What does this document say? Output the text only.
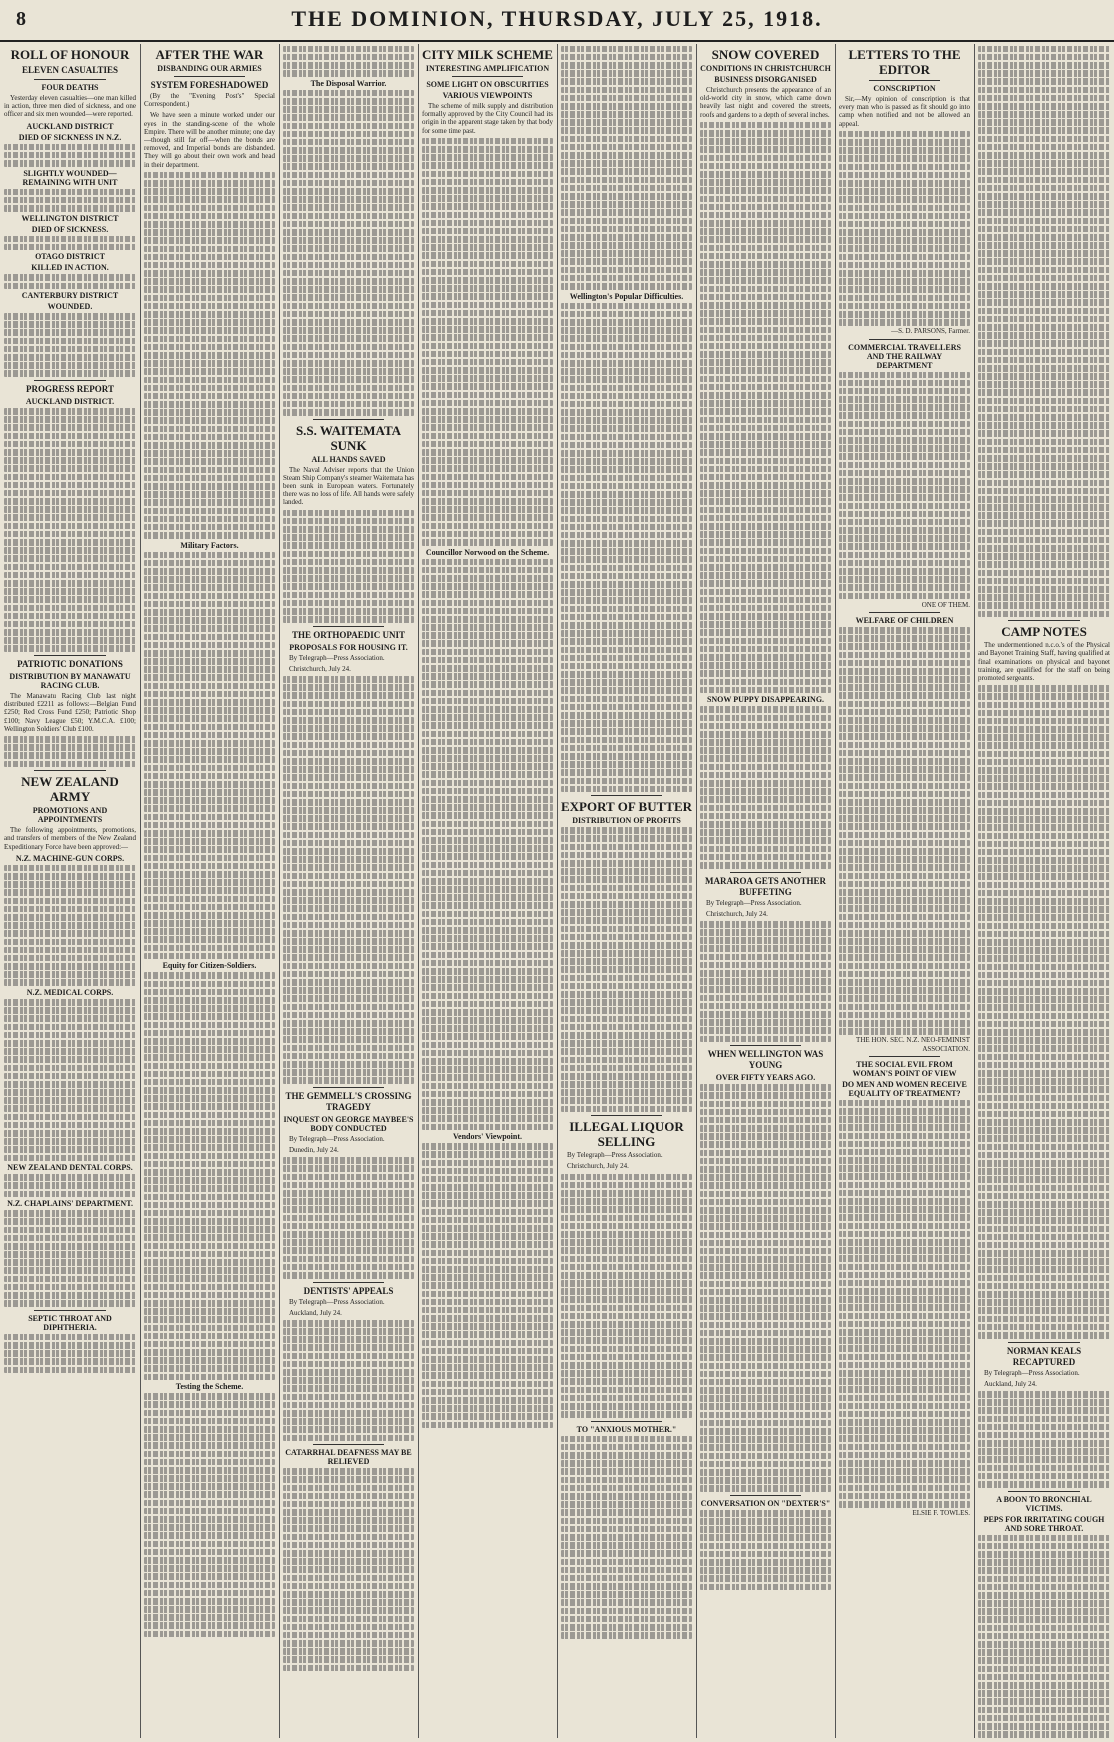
8	THE DOMINION, THURSDAY, JULY 25, 1918.
ROLL OF HONOUR
ELEVEN CASUALTIES
FOUR DEATHS

Yesterday eleven casualties—one man killed in action, three men died of sickness, and one officer and six men wounded—were reported.

AUCKLAND DISTRICT
DIED OF SICKNESS IN N.Z.
SLIGHTLY WOUNDED—REMAINING WITH UNIT
WELLINGTON DISTRICT
DIED OF SICKNESS.
OTAGO DISTRICT
KILLED IN ACTION.
CANTERBURY DISTRICT
WOUNDED.
PROGRESS REPORT
AUCKLAND DISTRICT.
PATRIOTIC DONATIONS
DISTRIBUTION BY MANAWATU RACING CLUB.

The Manawatu Racing Club last night distributed £2211 as follows:—Belgian Fund £250; Red Cross Fund £250; Patriotic Shop £100; Navy League £50; Y.M.C.A. £100; Wellington Soldiers' Club £100.

NEW ZEALAND ARMY
PROMOTIONS AND APPOINTMENTS

The following appointments, promotions, and transfers of members of the New Zealand Expeditionary Force have been approved:—

N.Z. MACHINE-GUN CORPS.
N.Z. MEDICAL CORPS.
NEW ZEALAND DENTAL CORPS.
N.Z. CHAPLAINS' DEPARTMENT.
SEPTIC THROAT AND DIPHTHERIA.
AFTER THE WAR
DISBANDING OUR ARMIES
SYSTEM FORESHADOWED

(By the "Evening Post's" Special Correspondent.)

We have seen a minute worked under our eyes in the standing-scene of the whole Empire. There will be another minute; one day—though still far off—when the bonds are removed, and Imperial bonds are disbanded. They will go about their own work and head in their department.

Military Factors.
Equity for Citizen-Soldiers.
Testing the Scheme.
The Disposal Warrior.
S.S. WAITEMATA SUNK
ALL HANDS SAVED

The Naval Adviser reports that the Union Steam Ship Company's steamer Waitemata has been sunk in European waters. Fortunately there was no loss of life. All hands were safely landed.

THE ORTHOPAEDIC UNIT
PROPOSALS FOR HOUSING IT.

By Telegraph—Press Association.

Christchurch, July 24.

THE GEMMELL'S CROSSING TRAGEDY
INQUEST ON GEORGE MAYBEE'S BODY CONDUCTED

By Telegraph—Press Association.

Dunedin, July 24.

DENTISTS' APPEALS

By Telegraph—Press Association.

Auckland, July 24.

CATARRHAL DEAFNESS MAY BE RELIEVED
CITY MILK SCHEME
INTERESTING AMPLIFICATION
SOME LIGHT ON OBSCURITIES
VARIOUS VIEWPOINTS

The scheme of milk supply and distribution formally approved by the City Council had its origin in the apparent stage taken by that body for some time past.

Councillor Norwood on the Scheme.
Vendors' Viewpoint.
Wellington's Popular Difficulties.
EXPORT OF BUTTER
DISTRIBUTION OF PROFITS
ILLEGAL LIQUOR SELLING

By Telegraph—Press Association.

Christchurch, July 24.

TO "ANXIOUS MOTHER."
SNOW COVERED
CONDITIONS IN CHRISTCHURCH
BUSINESS DISORGANISED

Christchurch presents the appearance of an old-world city in snow, which came down heavily last night and covered the streets, roofs and gardens to a depth of several inches.

SNOW PUPPY DISAPPEARING.
MARAROA GETS ANOTHER BUFFETING

By Telegraph—Press Association.

Christchurch, July 24.

WHEN WELLINGTON WAS YOUNG
OVER FIFTY YEARS AGO.
CONVERSATION ON "DEXTER'S"
LETTERS TO THE EDITOR
CONSCRIPTION

Sir,—My opinion of conscription is that every man who is passed as fit should go into camp when notified and not be allowed an appeal.

—S. D. PARSONS, Farmer.

COMMERCIAL TRAVELLERS AND THE RAILWAY DEPARTMENT

ONE OF THEM.

WELFARE OF CHILDREN

THE HON. SEC. N.Z. NEO-FEMINIST ASSOCIATION.

THE SOCIAL EVIL FROM WOMAN'S POINT OF VIEW
DO MEN AND WOMEN RECEIVE EQUALITY OF TREATMENT?

ELSIE F. TOWLES.

CAMP NOTES

The undermentioned n.c.o.'s of the Physical and Bayonet Training Staff, having qualified at final examinations on physical and bayonet training, are qualified for the staff on being promoted sergeants.

NORMAN KEALS RECAPTURED

By Telegraph—Press Association.

Auckland, July 24.

A BOON TO BRONCHIAL VICTIMS.
PEPS FOR IRRITATING COUGH AND SORE THROAT.
